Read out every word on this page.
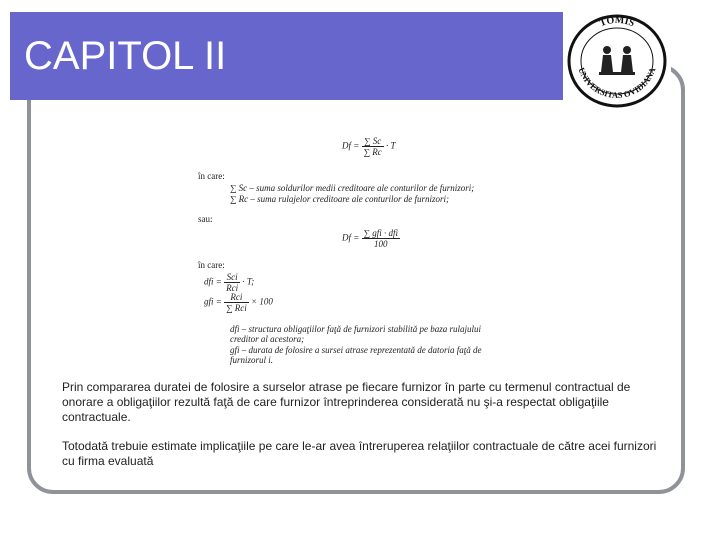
CAPITOL II
TOMIS
UNIVERSITAS OVIDIANA
$Df = \frac{\sum Sc}{\sum Rc} \cdot T$
în care:
∑ Sc – suma soldurilor medii creditoare ale conturilor de furnizori;
∑ Rc – suma rulajelor creditoare ale conturilor de furnizori;
sau:
$Df = \frac{\text{∑ gfi · dfi}}{100}$
în care:
dfi = $\frac{\text{Sci}}{\text{Rci}} \cdot T$;
gfi = $\frac{\text{Rci}}{\text{∑ Rci}} \times 100$
dfi – structura obligaţiilor faţă de furnizori stabilită pe baza rulajului
creditor al acestora;
gfi – durata de folosire a sursei atrase reprezentată de datoria faţă de
furnizorul i.

Prin compararea duratei de folosire a surselor atrase pe fiecare furnizor în parte cu termenul contractual de onorare a obligaţiilor rezultă faţă de care furnizor întreprinderea considerată nu şi-a respectat obligaţiile contractuale.

Totodată trebuie estimate implicaţiile pe care le-ar avea întreruperea relaţiilor contractuale de către acei furnizori cu firma evaluată
